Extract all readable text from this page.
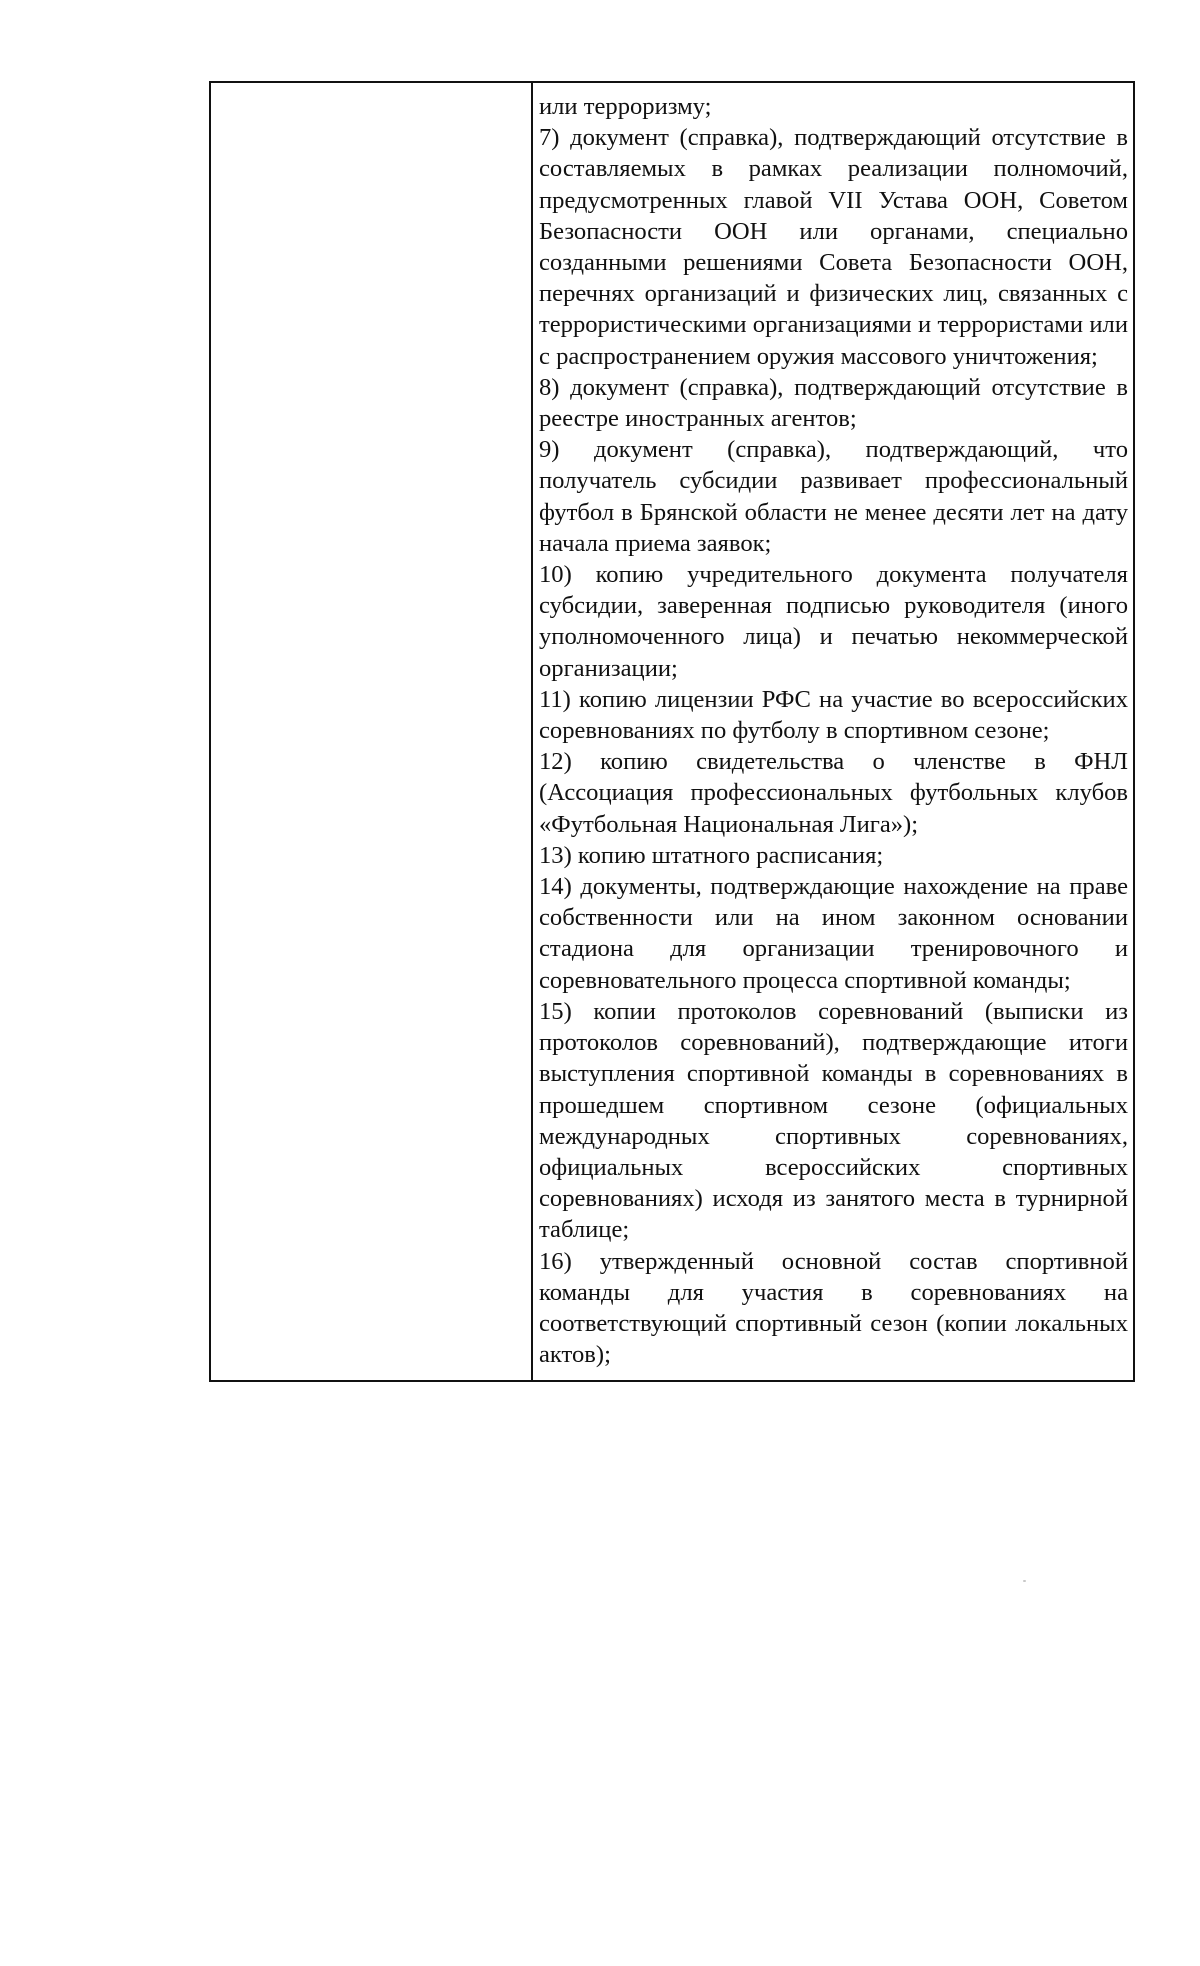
или терроризму;

7) документ (справка), подтверждающий отсутствие в составляемых в рамках реализации полномочий, предусмотренных главой VII Устава ООН, Советом Безопасности ООН или органами, специально созданными решениями Совета Безопасности ООН, перечнях организаций и физических лиц, связанных с террористическими организациями и террористами или с распространением оружия массового уничтожения;

8) документ (справка), подтверждающий отсутствие в реестре иностранных агентов;

9) документ (справка), подтверждающий, что получатель субсидии развивает профессиональный футбол в Брянской области не менее десяти лет на дату начала приема заявок;

10) копию учредительного документа получателя субсидии, заверенная подписью руководителя (иного уполномоченного лица) и печатью некоммерческой организации;

11) копию лицензии РФС на участие во всероссийских соревнованиях по футболу в спортивном сезоне;

12) копию свидетельства о членстве в ФНЛ (Ассоциация профессиональных футбольных клубов «Футбольная Национальная Лига»);

13) копию штатного расписания;

14) документы, подтверждающие нахождение на праве собственности или на ином законном основании стадиона для организации тренировочного и соревновательного процесса спортивной команды;

15) копии протоколов соревнований (выписки из протоколов соревнований), подтверждающие итоги выступления спортивной команды в соревнованиях в прошедшем спортивном сезоне (официальных международных спортивных соревнованиях, официальных всероссийских спортивных соревнованиях) исходя из занятого места в турнирной таблице;

16) утвержденный основной состав спортивной команды для участия в соревнованиях на соответствующий спортивный сезон (копии локальных актов);
